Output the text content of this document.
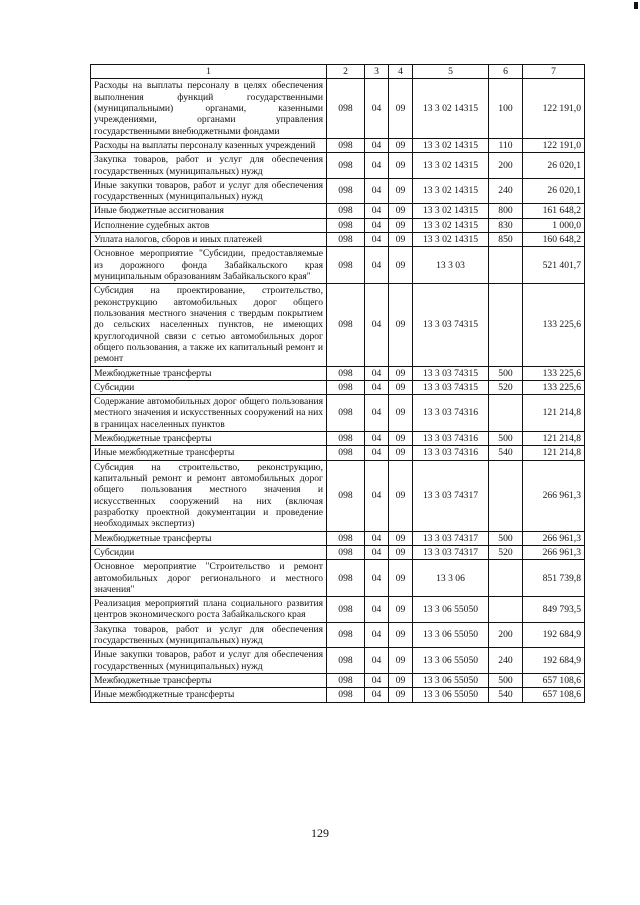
1	2	3	4	5	6	7
Расходы на выплаты персоналу в целях обеспечения выполнения функций государственными (муниципальными) органами, казенными учреждениями, органами управления государственными внебюджетными фондами	098	04	09	13 3 02 14315	100	122 191,0
Расходы на выплаты персоналу казенных учреждений	098	04	09	13 3 02 14315	110	122 191,0
Закупка товаров, работ и услуг для обеспечения государственных (муниципальных) нужд	098	04	09	13 3 02 14315	200	26 020,1
Иные закупки товаров, работ и услуг для обеспечения государственных (муниципальных) нужд	098	04	09	13 3 02 14315	240	26 020,1
Иные бюджетные ассигнования	098	04	09	13 3 02 14315	800	161 648,2
Исполнение судебных актов	098	04	09	13 3 02 14315	830	1 000,0
Уплата налогов, сборов и иных платежей	098	04	09	13 3 02 14315	850	160 648,2
Основное мероприятие "Субсидии, предоставляемые из дорожного фонда Забайкальского края муниципальным образованиям Забайкальского края"	098	04	09	13 3 03		521 401,7
Субсидия на проектирование, строительство, реконструкцию автомобильных дорог общего пользования местного значения с твердым покрытием до сельских населенных пунктов, не имеющих круглогодичной связи с сетью автомобильных дорог общего пользования, а также их капитальный ремонт и ремонт	098	04	09	13 3 03 74315		133 225,6
Межбюджетные трансферты	098	04	09	13 3 03 74315	500	133 225,6
Субсидии	098	04	09	13 3 03 74315	520	133 225,6
Содержание автомобильных дорог общего пользования местного значения и искусственных сооружений на них в границах населенных пунктов	098	04	09	13 3 03 74316		121 214,8
Межбюджетные трансферты	098	04	09	13 3 03 74316	500	121 214,8
Иные межбюджетные трансферты	098	04	09	13 3 03 74316	540	121 214,8
Субсидия на строительство, реконструкцию, капитальный ремонт и ремонт автомобильных дорог общего пользования местного значения и искусственных сооружений на них (включая разработку проектной документации и проведение необходимых экспертиз)	098	04	09	13 3 03 74317		266 961,3
Межбюджетные трансферты	098	04	09	13 3 03 74317	500	266 961,3
Субсидии	098	04	09	13 3 03 74317	520	266 961,3
Основное мероприятие "Строительство и ремонт автомобильных дорог регионального и местного значения"	098	04	09	13 3 06		851 739,8
Реализация мероприятий плана социального развития центров экономического роста Забайкальского края	098	04	09	13 3 06 55050		849 793,5
Закупка товаров, работ и услуг для обеспечения государственных (муниципальных) нужд	098	04	09	13 3 06 55050	200	192 684,9
Иные закупки товаров, работ и услуг для обеспечения государственных (муниципальных) нужд	098	04	09	13 3 06 55050	240	192 684,9
Межбюджетные трансферты	098	04	09	13 3 06 55050	500	657 108,6
Иные межбюджетные трансферты	098	04	09	13 3 06 55050	540	657 108,6
129
